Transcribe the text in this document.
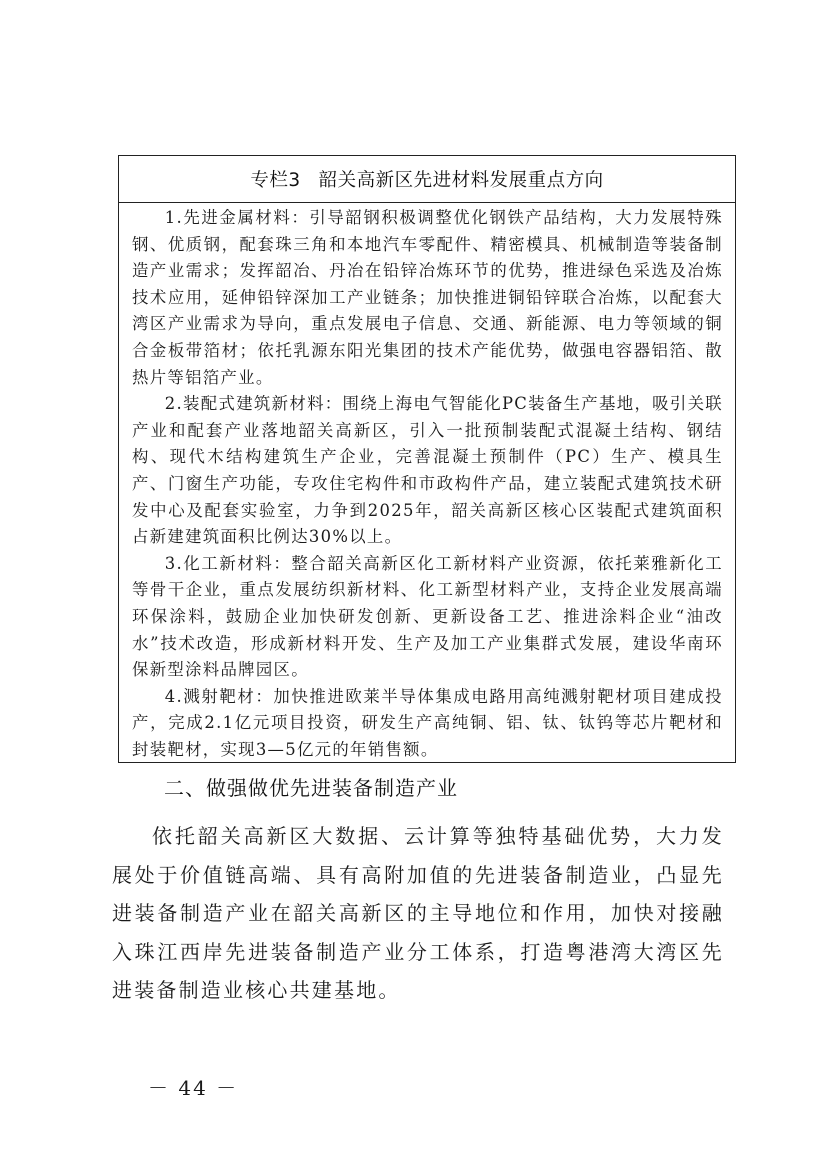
专栏3 韶关高新区先进材料发展重点方向

1.先进金属材料：引导韶钢积极调整优化钢铁产品结构，大力发展特殊钢、优质钢，配套珠三角和本地汽车零配件、精密模具、机械制造等装备制造产业需求；发挥韶冶、丹冶在铅锌冶炼环节的优势，推进绿色采选及冶炼技术应用，延伸铅锌深加工产业链条；加快推进铜铅锌联合冶炼，以配套大湾区产业需求为导向，重点发展电子信息、交通、新能源、电力等领域的铜合金板带箔材；依托乳源东阳光集团的技术产能优势，做强电容器铝箔、散热片等铝箔产业。

2.装配式建筑新材料：围绕上海电气智能化PC装备生产基地，吸引关联产业和配套产业落地韶关高新区，引入一批预制装配式混凝土结构、钢结构、现代木结构建筑生产企业，完善混凝土预制件（PC）生产、模具生产、门窗生产功能，专攻住宅构件和市政构件产品，建立装配式建筑技术研发中心及配套实验室，力争到2025年，韶关高新区核心区装配式建筑面积占新建建筑面积比例达30%以上。

3.化工新材料：整合韶关高新区化工新材料产业资源，依托莱雅新化工等骨干企业，重点发展纺织新材料、化工新型材料产业，支持企业发展高端环保涂料，鼓励企业加快研发创新、更新设备工艺、推进涂料企业“油改水”技术改造，形成新材料开发、生产及加工产业集群式发展，建设华南环保新型涂料品牌园区。

4.溅射靶材：加快推进欧莱半导体集成电路用高纯溅射靶材项目建成投产，完成2.1亿元项目投资，研发生产高纯铜、铝、钛、钛钨等芯片靶材和封装靶材，实现3—5亿元的年销售额。

二、做强做优先进装备制造产业

依托韶关高新区大数据、云计算等独特基础优势，大力发展处于价值链高端、具有高附加值的先进装备制造业，凸显先进装备制造产业在韶关高新区的主导地位和作用，加快对接融入珠江西岸先进装备制造产业分工体系，打造粤港湾大湾区先进装备制造业核心共建基地。

－ 44 －
